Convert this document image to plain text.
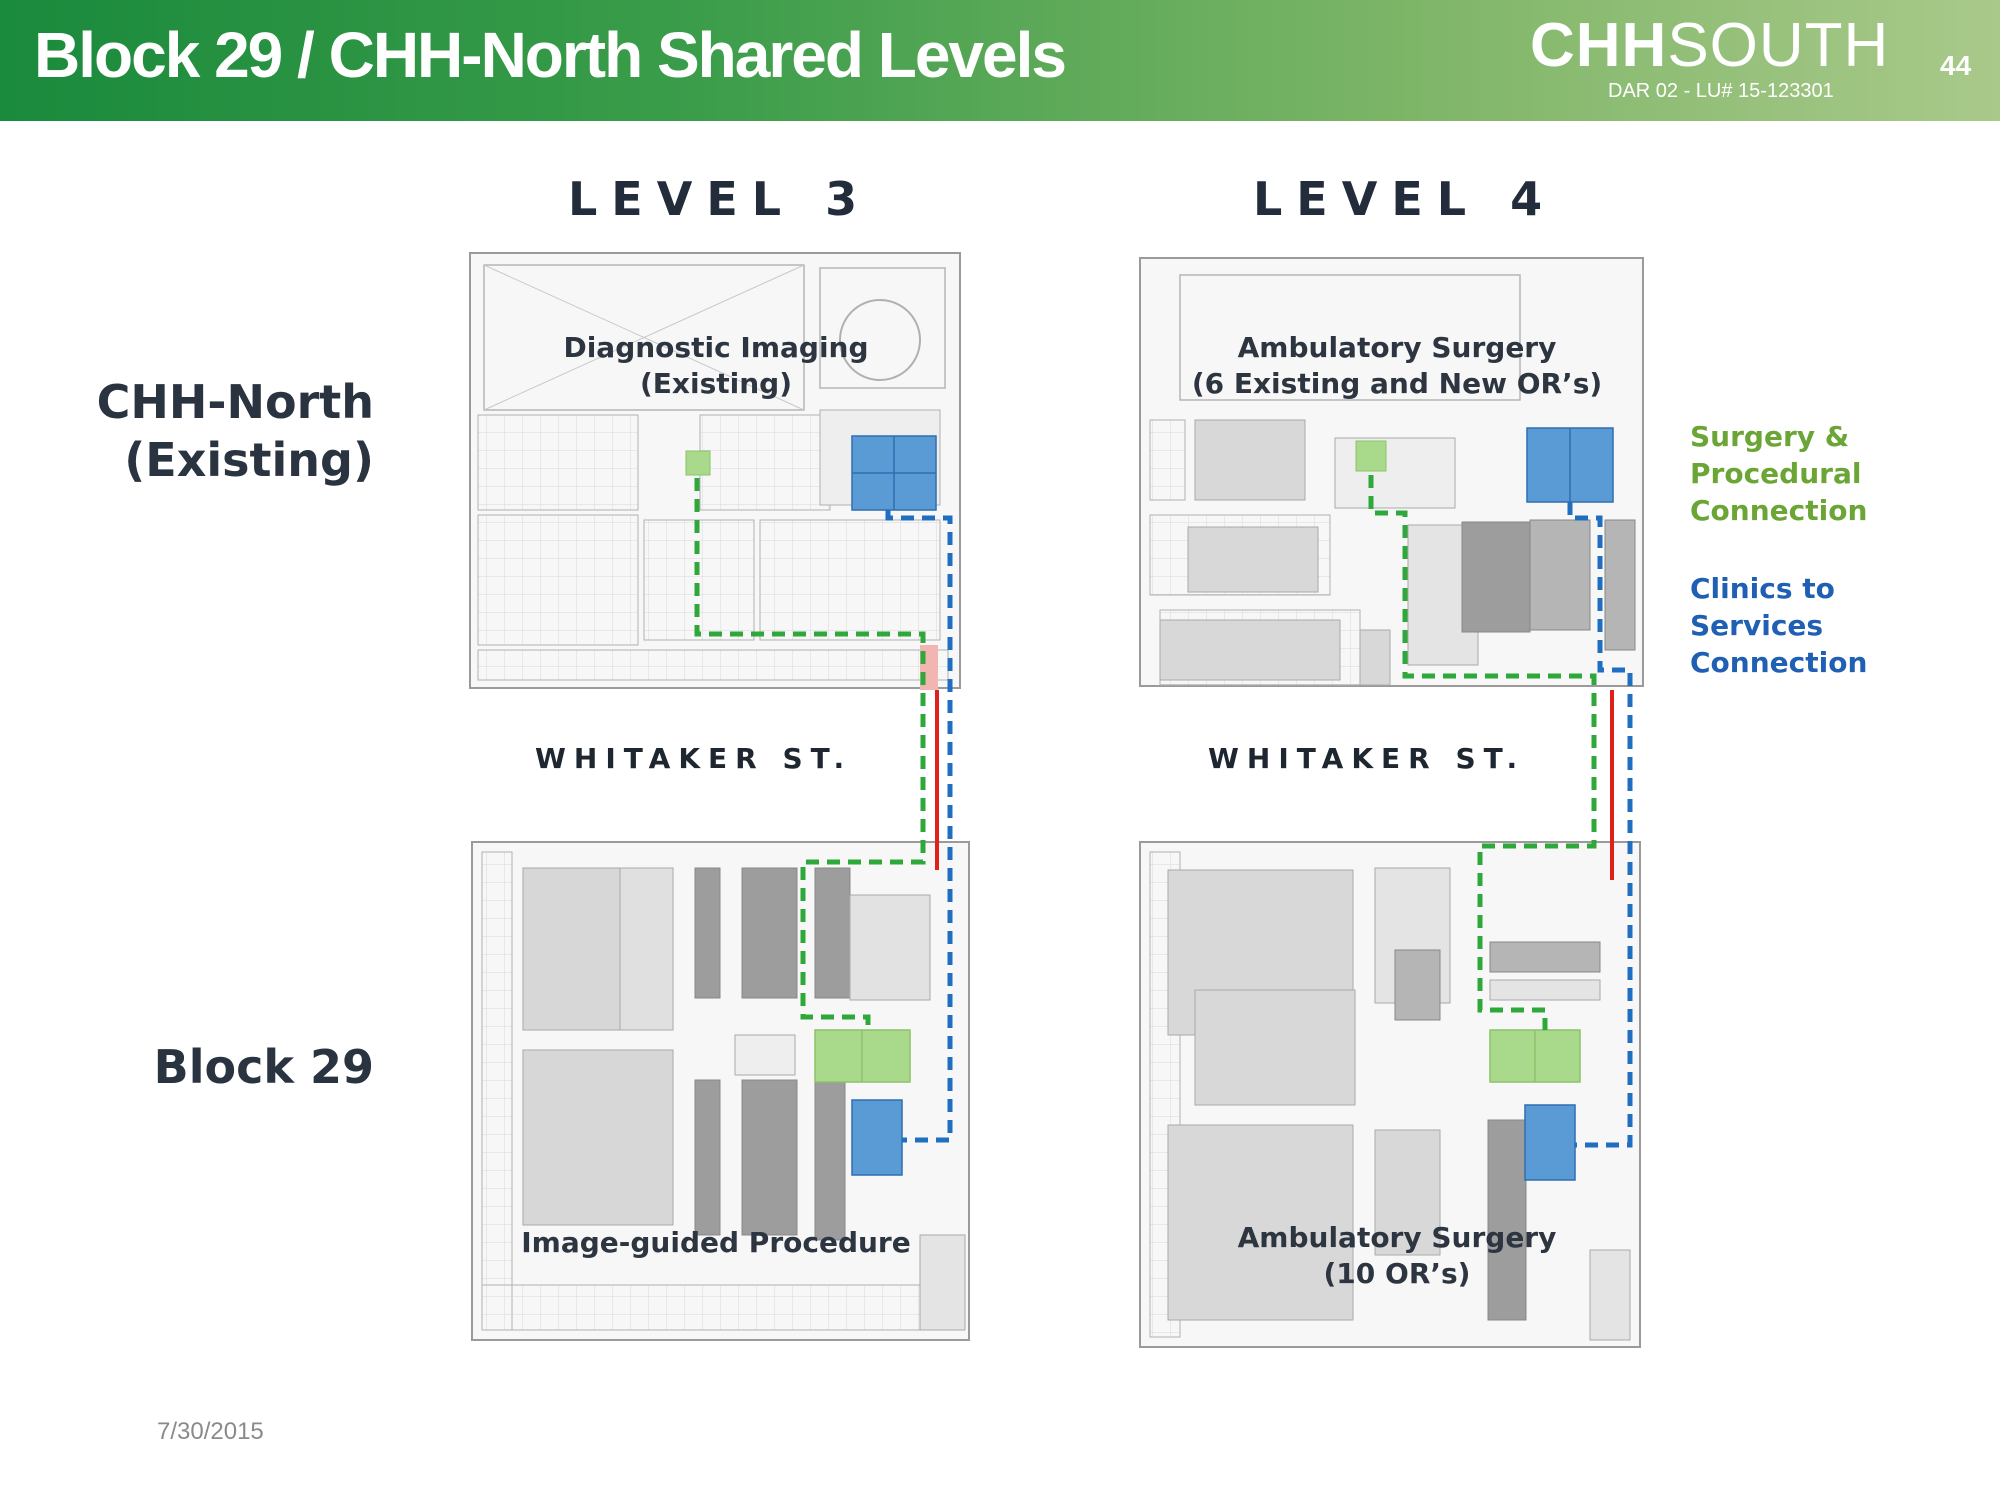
Block 29 / CHH-North Shared Levels	CHHSOUTH
DAR 02 - LU# 15-123301
44
LEVEL 3	LEVEL 4
CHH-North
(Existing)
Block 29
Diagnostic Imaging
(Existing)
Image-guided Procedure
Ambulatory Surgery
(6 Existing and New OR’s)
Ambulatory Surgery
(10 OR’s)
WHITAKER ST.	WHITAKER ST.
Surgery &
Procedural
Connection
Clinics to
Services
Connection
7/30/2015
